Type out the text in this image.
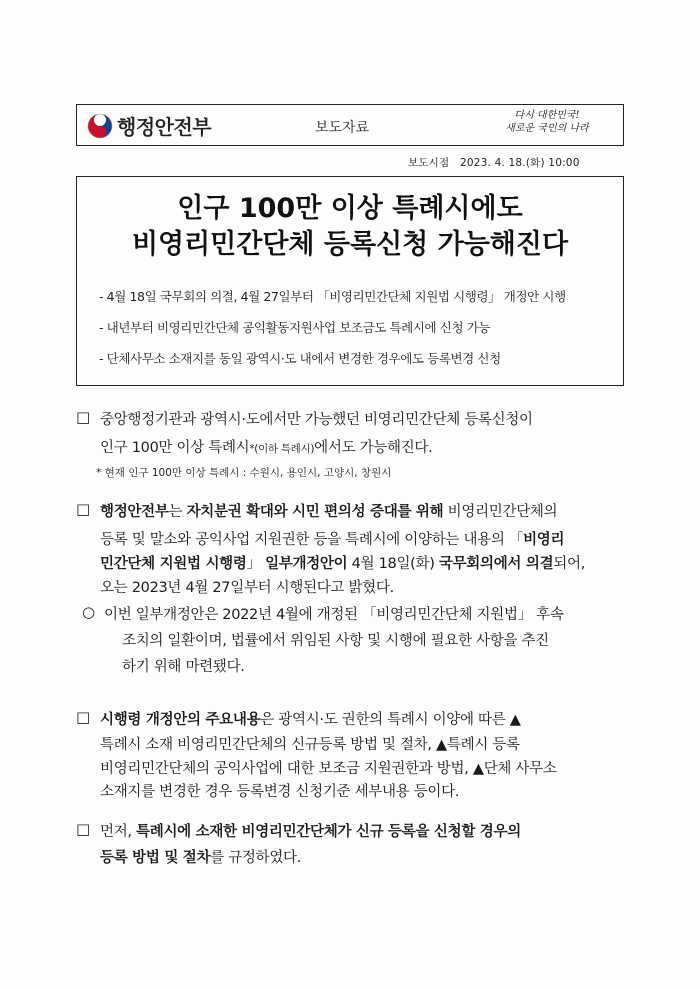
행정안전부	보도자료
다시 대한민국!
새로운 국민의 나라
보도시점   2023. 4. 18.(화) 10:00
인구 100만 이상 특례시에도
비영리민간단체 등록신청 가능해진다
- 4월 18일 국무회의 의결, 4월 27일부터 「비영리민간단체 지원법 시행령」 개정안 시행
- 내년부터 비영리민간단체 공익활동지원사업 보조금도 특례시에 신청 가능
- 단체사무소 소재지를 동일 광역시·도 내에서 변경한 경우에도 등록변경 신청
□ 중앙행정기관과 광역시·도에서만 가능했던 비영리민간단체 등록신청이
인구 100만 이상 특례시*(이하 특례시)에서도 가능해진다.
* 현재 인구 100만 이상 특례시 : 수원시, 용인시, 고양시, 창원시
□ 행정안전부는 자치분권 확대와 시민 편의성 증대를 위해 비영리민간단체의
등록 및 말소와 공익사업 지원권한 등을 특례시에 이양하는 내용의 「비영리
민간단체 지원법 시행령」 일부개정안이 4월 18일(화) 국무회의에서 의결되어,
오는 2023년 4월 27일부터 시행된다고 밝혔다.
○ 이번 일부개정안은 2022년 4월에 개정된 「비영리민간단체 지원법」 후속
조치의 일환이며, 법률에서 위임된 사항 및 시행에 필요한 사항을 추진
하기 위해 마련됐다.
□ 시행령 개정안의 주요내용은 광역시·도 권한의 특례시 이양에 따른 ▲
특례시 소재 비영리민간단체의 신규등록 방법 및 절차, ▲특례시 등록
비영리민간단체의 공익사업에 대한 보조금 지원권한과 방법, ▲단체 사무소
소재지를 변경한 경우 등록변경 신청기준 세부내용 등이다.
□ 먼저, 특례시에 소재한 비영리민간단체가 신규 등록을 신청할 경우의
등록 방법 및 절차를 규정하였다.
